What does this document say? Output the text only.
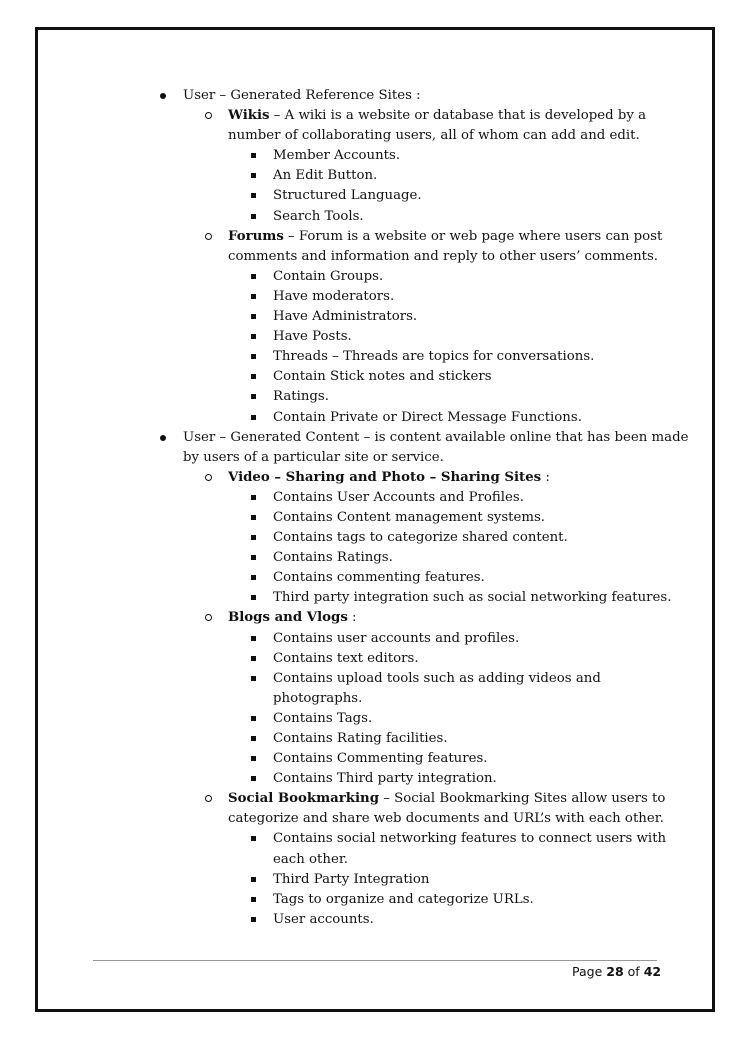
User – Generated Reference Sites :
Wikis – A wiki is a website or database that is developed by a
number of collaborating users, all of whom can add and edit.
Member Accounts.
An Edit Button.
Structured Language.
Search Tools.
Forums – Forum is a website or web page where users can post
comments and information and reply to other users’ comments.
Contain Groups.
Have moderators.
Have Administrators.
Have Posts.
Threads – Threads are topics for conversations.
Contain Stick notes and stickers
Ratings.
Contain Private or Direct Message Functions.
User – Generated Content – is content available online that has been made
by users of a particular site or service.
Video – Sharing and Photo – Sharing Sites :
Contains User Accounts and Profiles.
Contains Content management systems.
Contains tags to categorize shared content.
Contains Ratings.
Contains commenting features.
Third party integration such as social networking features.
Blogs and Vlogs :
Contains user accounts and profiles.
Contains text editors.
Contains upload tools such as adding videos and
photographs.
Contains Tags.
Contains Rating facilities.
Contains Commenting features.
Contains Third party integration.
Social Bookmarking – Social Bookmarking Sites allow users to
categorize and share web documents and URL’s with each other.
Contains social networking features to connect users with
each other.
Third Party Integration
Tags to organize and categorize URLs.
User accounts.
Page 28 of 42
